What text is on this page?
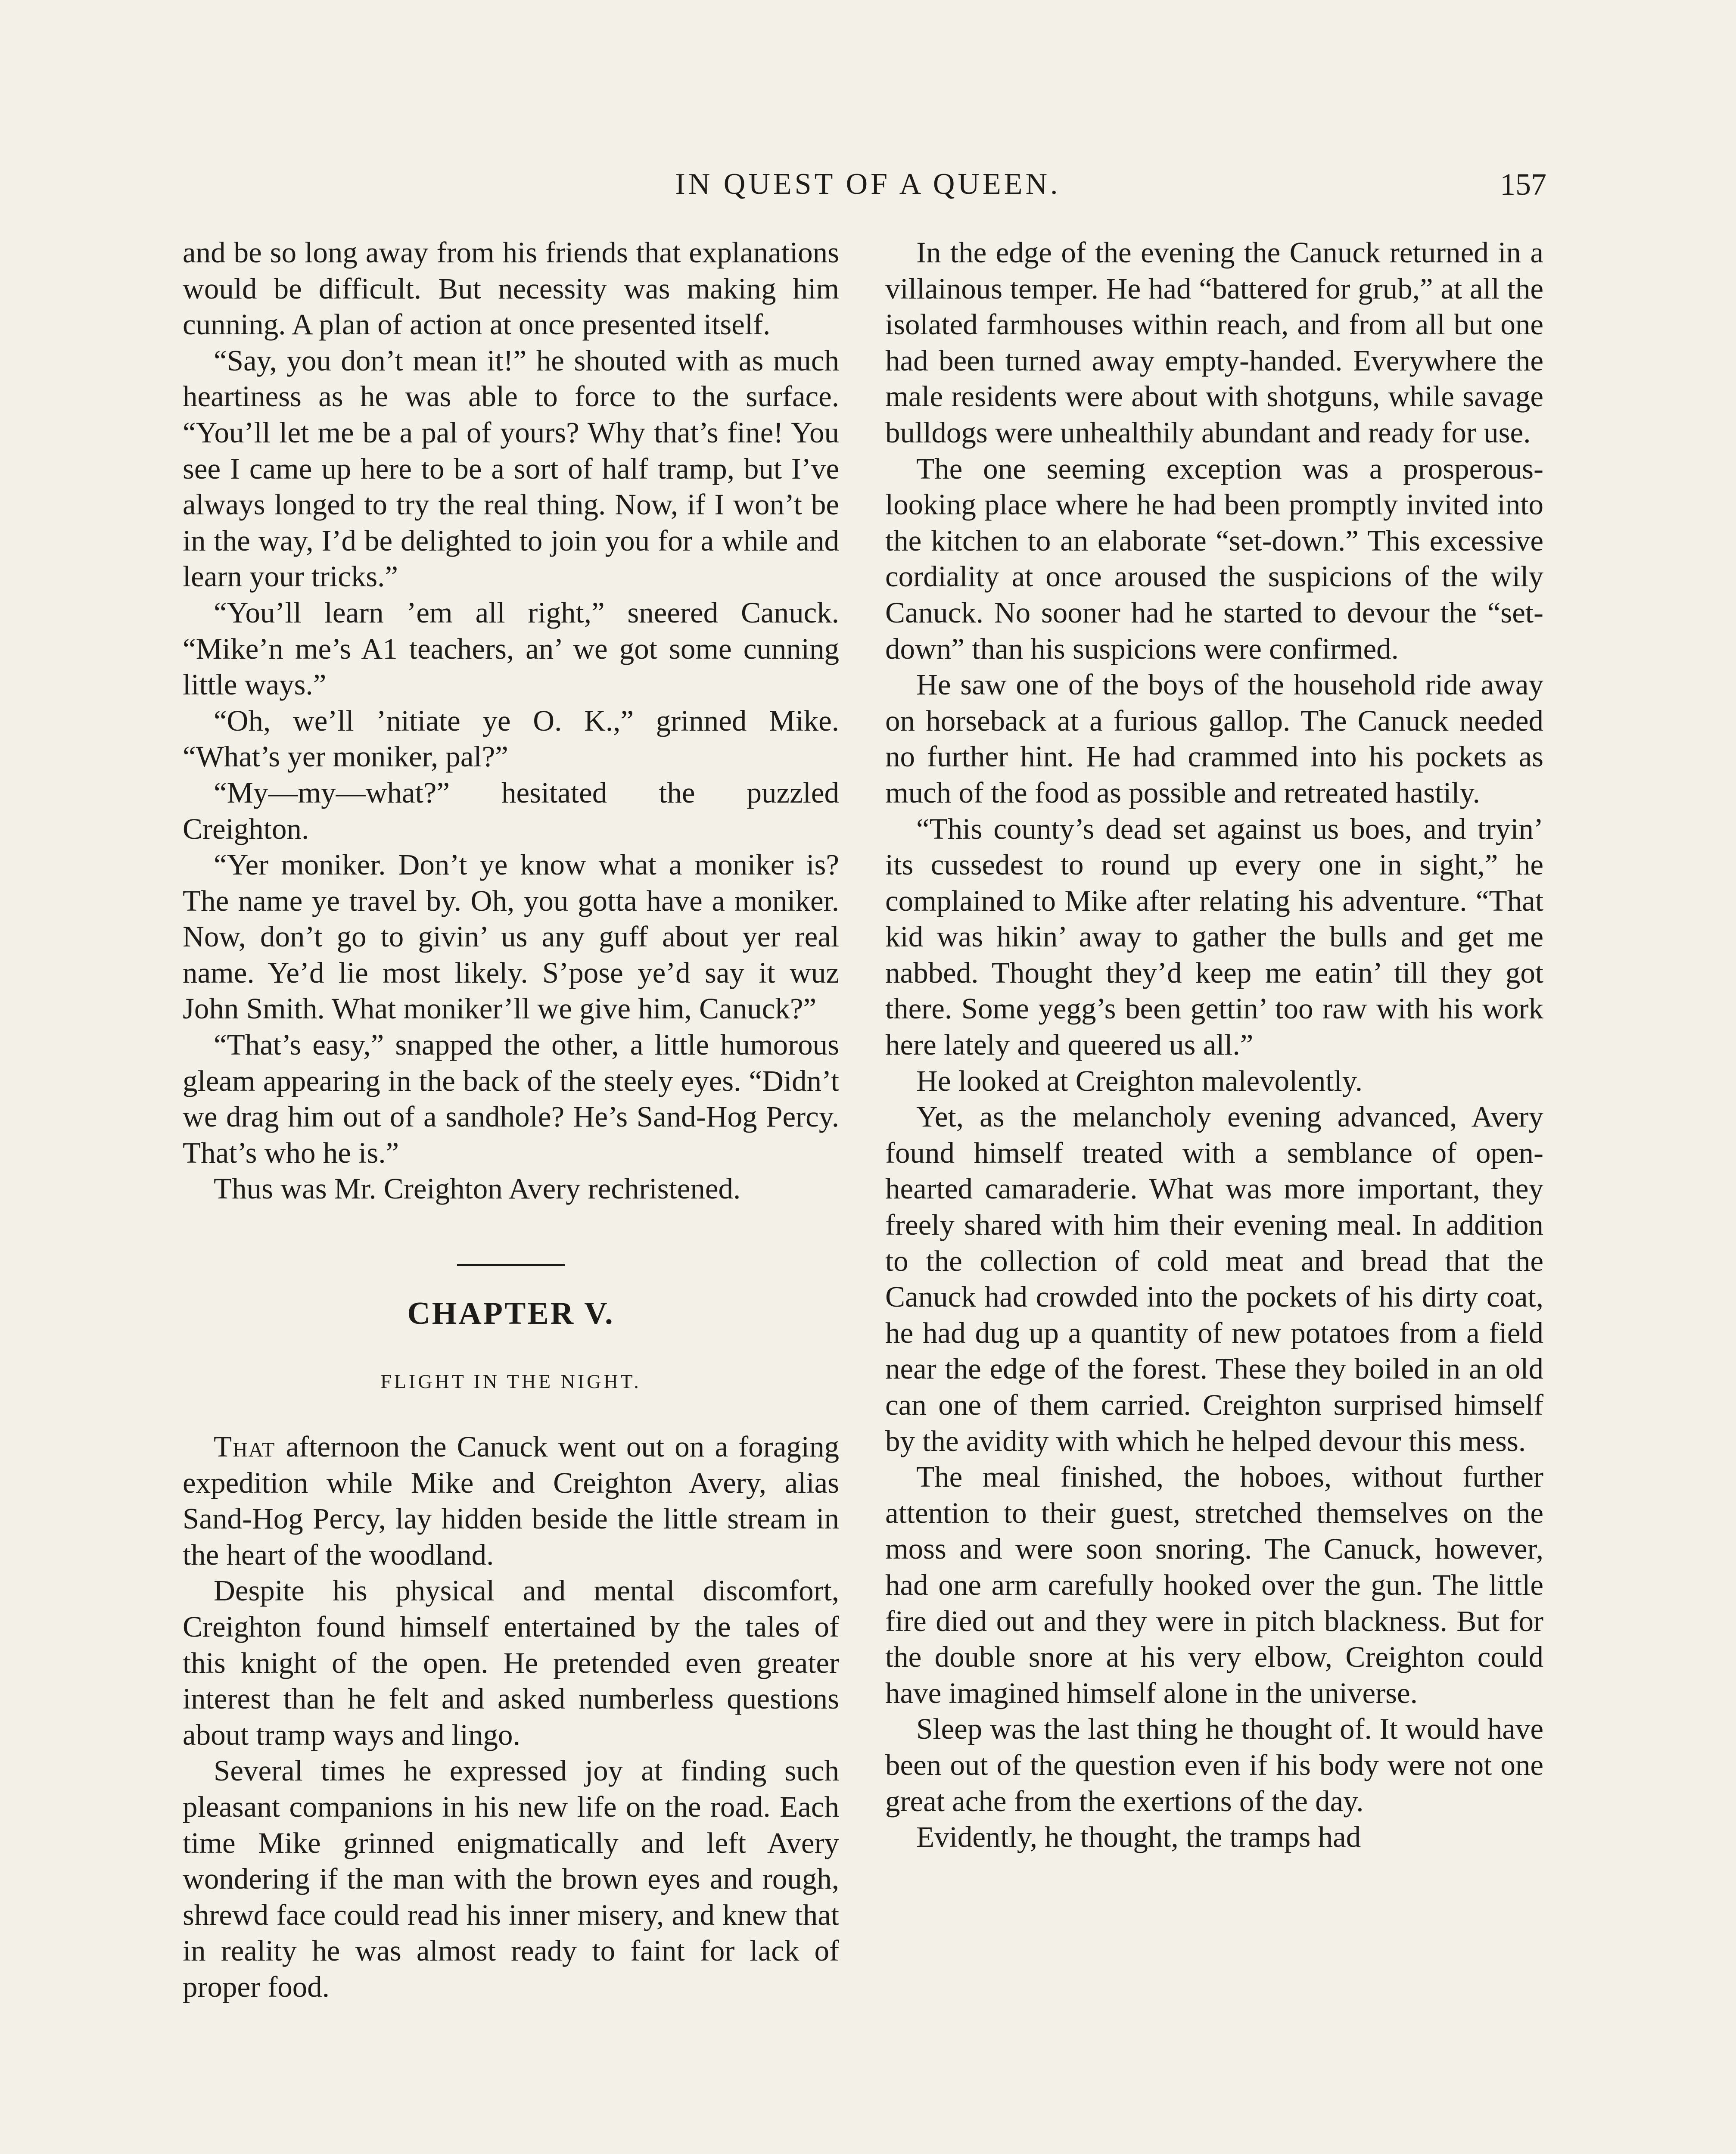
IN QUEST OF A QUEEN.	157

and be so long away from his friends that explanations would be difficult. But necessity was making him cunning. A plan of action at once presented itself.

“Say, you don’t mean it!” he shouted with as much heartiness as he was able to force to the surface. “You’ll let me be a pal of yours? Why that’s fine! You see I came up here to be a sort of half tramp, but I’ve always longed to try the real thing. Now, if I won’t be in the way, I’d be delighted to join you for a while and learn your tricks.”

“You’ll learn ’em all right,” sneered Canuck. “Mike’n me’s A1 teachers, an’ we got some cunning little ways.”

“Oh, we’ll ’nitiate ye O. K.,” grinned Mike. “What’s yer moniker, pal?”

“My—my—what?” hesitated the puzzled Creighton.

“Yer moniker. Don’t ye know what a moniker is? The name ye travel by. Oh, you gotta have a moniker. Now, don’t go to givin’ us any guff about yer real name. Ye’d lie most likely. S’pose ye’d say it wuz John Smith. What moniker’ll we give him, Canuck?”

“That’s easy,” snapped the other, a little humorous gleam appearing in the back of the steely eyes. “Didn’t we drag him out of a sandhole? He’s Sand-Hog Percy. That’s who he is.”

Thus was Mr. Creighton Avery rechristened.

CHAPTER V.
FLIGHT IN THE NIGHT.

That afternoon the Canuck went out on a foraging expedition while Mike and Creighton Avery, alias Sand-Hog Percy, lay hidden beside the little stream in the heart of the woodland.

Despite his physical and mental discomfort, Creighton found himself entertained by the tales of this knight of the open. He pretended even greater interest than he felt and asked numberless questions about tramp ways and lingo.

Several times he expressed joy at finding such pleasant companions in his new life on the road. Each time Mike grinned enigmatically and left Avery wondering if the man with the brown eyes and rough, shrewd face could read his inner misery, and knew that in reality he was almost ready to faint for lack of proper food.

In the edge of the evening the Canuck returned in a villainous temper. He had “battered for grub,” at all the isolated farmhouses within reach, and from all but one had been turned away empty-handed. Everywhere the male residents were about with shotguns, while savage bulldogs were unhealthily abundant and ready for use.

The one seeming exception was a prosperous-looking place where he had been promptly invited into the kitchen to an elaborate “set-down.” This excessive cordiality at once aroused the suspicions of the wily Canuck. No sooner had he started to devour the “set-down” than his suspicions were confirmed.

He saw one of the boys of the household ride away on horseback at a furious gallop. The Canuck needed no further hint. He had crammed into his pockets as much of the food as possible and retreated hastily.

“This county’s dead set against us boes, and tryin’ its cussedest to round up every one in sight,” he complained to Mike after relating his adventure. “That kid was hikin’ away to gather the bulls and get me nabbed. Thought they’d keep me eatin’ till they got there. Some yegg’s been gettin’ too raw with his work here lately and queered us all.”

He looked at Creighton malevolently.

Yet, as the melancholy evening advanced, Avery found himself treated with a semblance of open-hearted camaraderie. What was more important, they freely shared with him their evening meal. In addition to the collection of cold meat and bread that the Canuck had crowded into the pockets of his dirty coat, he had dug up a quantity of new potatoes from a field near the edge of the forest. These they boiled in an old can one of them carried. Creighton surprised himself by the avidity with which he helped devour this mess.

The meal finished, the hoboes, without further attention to their guest, stretched themselves on the moss and were soon snoring. The Canuck, however, had one arm carefully hooked over the gun. The little fire died out and they were in pitch blackness. But for the double snore at his very elbow, Creighton could have imagined himself alone in the universe.

Sleep was the last thing he thought of. It would have been out of the question even if his body were not one great ache from the exertions of the day.

Evidently, he thought, the tramps had
